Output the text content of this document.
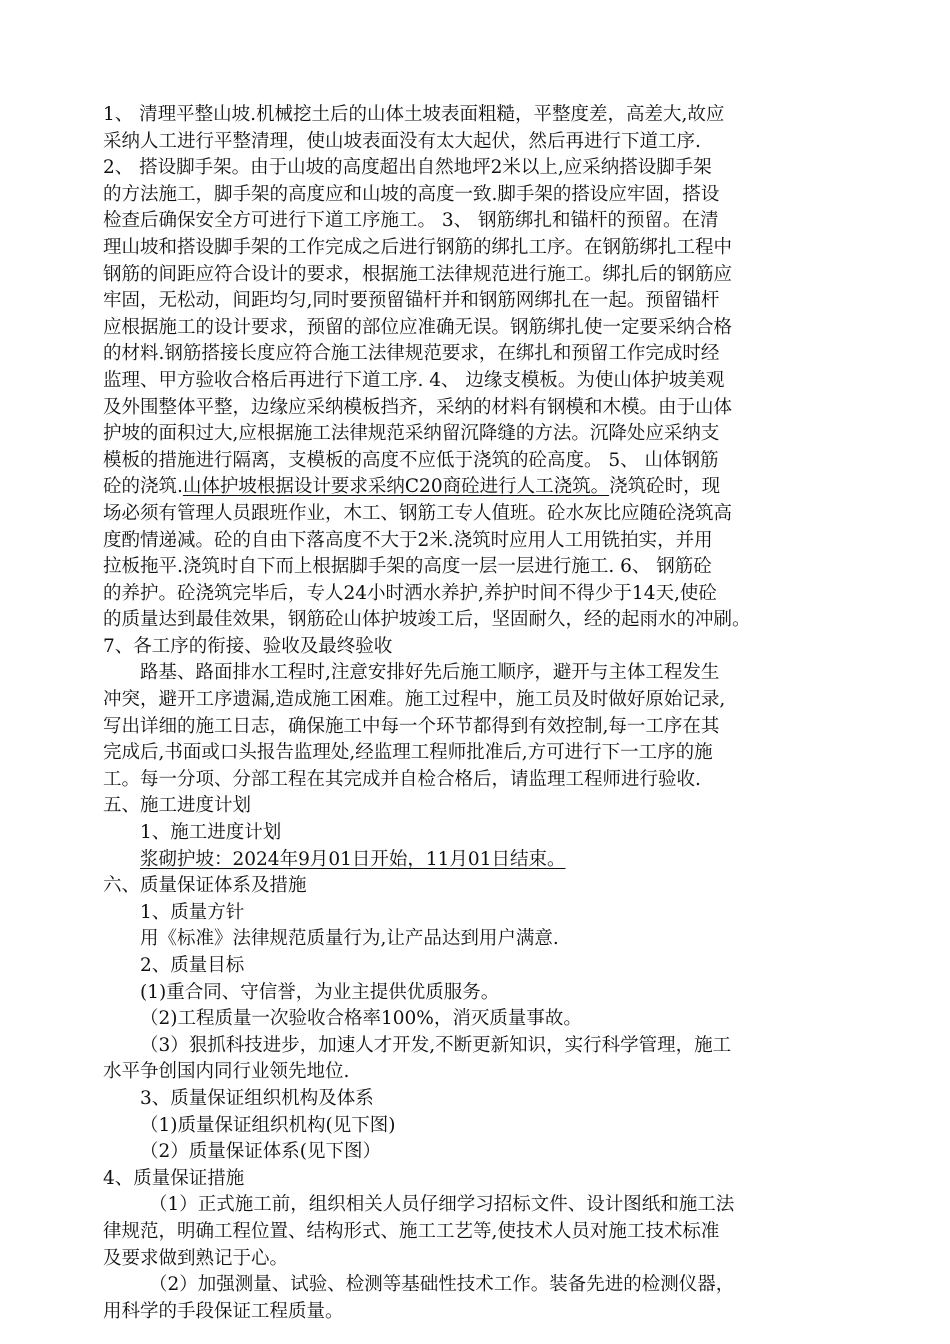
1、 清理平整山坡.机械挖土后的山体土坡表面粗糙，平整度差，高差大,故应
采纳人工进行平整清理，使山坡表面没有太大起伏，然后再进行下道工序.
2、 搭设脚手架。由于山坡的高度超出自然地坪2米以上,应采纳搭设脚手架
的方法施工，脚手架的高度应和山坡的高度一致.脚手架的搭设应牢固，搭设
检查后确保安全方可进行下道工序施工。 3、 钢筋绑扎和锚杆的预留。在清
理山坡和搭设脚手架的工作完成之后进行钢筋的绑扎工序。在钢筋绑扎工程中
钢筋的间距应符合设计的要求，根据施工法律规范进行施工。绑扎后的钢筋应
牢固，无松动，间距均匀,同时要预留锚杆并和钢筋网绑扎在一起。预留锚杆
应根据施工的设计要求，预留的部位应准确无误。钢筋绑扎使一定要采纳合格
的材料.钢筋搭接长度应符合施工法律规范要求，在绑扎和预留工作完成时经
监理、甲方验收合格后再进行下道工序. 4、 边缘支模板。为使山体护坡美观
及外围整体平整，边缘应采纳模板挡齐，采纳的材料有钢模和木模。由于山体
护坡的面积过大,应根据施工法律规范采纳留沉降缝的方法。沉降处应采纳支
模板的措施进行隔离，支模板的高度不应低于浇筑的砼高度。 5、 山体钢筋
砼的浇筑.山体护坡根据设计要求采纳C20商砼进行人工浇筑。浇筑砼时，现
场必须有管理人员跟班作业，木工、钢筋工专人值班。砼水灰比应随砼浇筑高
度酌情递减。砼的自由下落高度不大于2米.浇筑时应用人工用铣拍实，并用
拉板拖平.浇筑时自下而上根据脚手架的高度一层一层进行施工. 6、 钢筋砼
的养护。砼浇筑完毕后，专人24小时洒水养护,养护时间不得少于14天,使砼
的质量达到最佳效果，钢筋砼山体护坡竣工后，坚固耐久，经的起雨水的冲刷。
7、各工序的衔接、验收及最终验收
路基、路面排水工程时,注意安排好先后施工顺序，避开与主体工程发生
冲突，避开工序遗漏,造成施工困难。施工过程中，施工员及时做好原始记录,
写出详细的施工日志，确保施工中每一个环节都得到有效控制,每一工序在其
完成后,书面或口头报告监理处,经监理工程师批准后,方可进行下一工序的施
工。每一分项、分部工程在其完成并自检合格后，请监理工程师进行验收.
五、施工进度计划
1、施工进度计划
浆砌护坡：2024年9月01日开始，11月01日结束。
六、质量保证体系及措施
1、质量方针
用《标准》法律规范质量行为,让产品达到用户满意.
2、质量目标
(1)重合同、守信誉，为业主提供优质服务。
（2)工程质量一次验收合格率100%，消灭质量事故。
（3）狠抓科技进步，加速人才开发,不断更新知识，实行科学管理，施工
水平争创国内同行业领先地位.
3、质量保证组织机构及体系
（1)质量保证组织机构(见下图)
（2）质量保证体系(见下图）
4、质量保证措施
（1）正式施工前，组织相关人员仔细学习招标文件、设计图纸和施工法
律规范，明确工程位置、结构形式、施工工艺等,使技术人员对施工技术标准
及要求做到熟记于心。
（2）加强测量、试验、检测等基础性技术工作。装备先进的检测仪器，
用科学的手段保证工程质量。
